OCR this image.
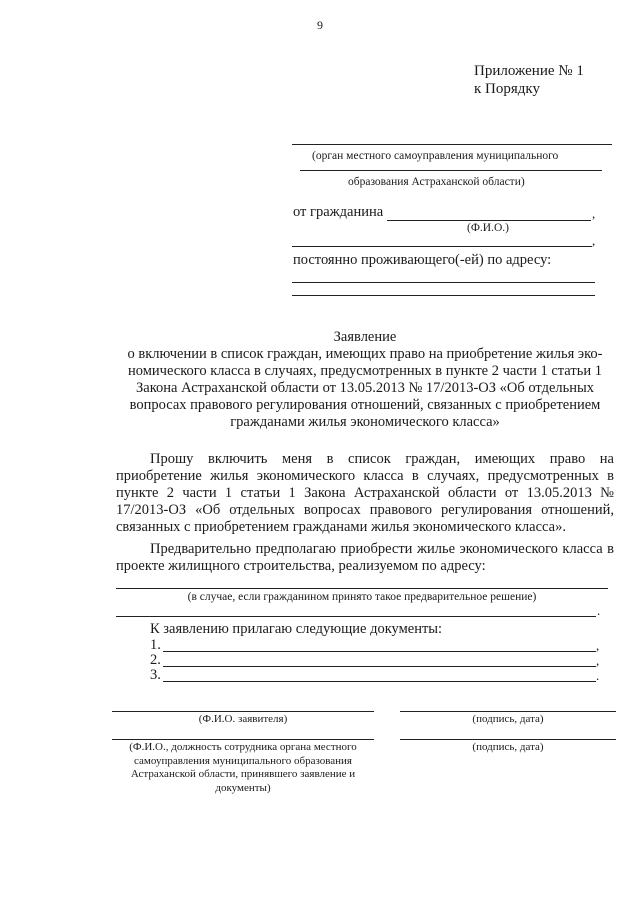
9
Приложение № 1
к Порядку
(орган местного самоуправления муниципального
образования Астраханской области)
от гражданина	,
(Ф.И.О.)
,
постоянно проживающего(-ей) по адресу:
Заявление
о включении в список граждан, имеющих право на приобретение жилья эко-
номического класса в случаях, предусмотренных в пункте 2 части 1 статьи 1
Закона Астраханской области от 13.05.2013 № 17/2013-ОЗ «Об отдельных
вопросах правового регулирования отношений, связанных с приобретением
гражданами жилья экономического класса»
Прошу включить меня в список граждан, имеющих право на приобретение жилья экономического класса в случаях, предусмотренных в пункте 2 части 1 статьи 1 Закона Астраханской области от 13.05.2013 № 17/2013-ОЗ «Об отдельных вопросах правового регулирования отношений, связанных с приобретением гражданами жилья экономического класса».
Предварительно предполагаю приобрести жилье экономического класса в проекте жилищного строительства, реализуемом по адресу:
(в случае, если гражданином принято такое предварительное решение)
.
К заявлению прилагаю следующие документы:
1.	,
2.	,
3.	.
(Ф.И.О. заявителя)	(подпись, дата)
(Ф.И.О., должность сотрудника органа местного самоуправления муниципального образования Астраханской области, принявшего заявление и документы)
(подпись, дата)
